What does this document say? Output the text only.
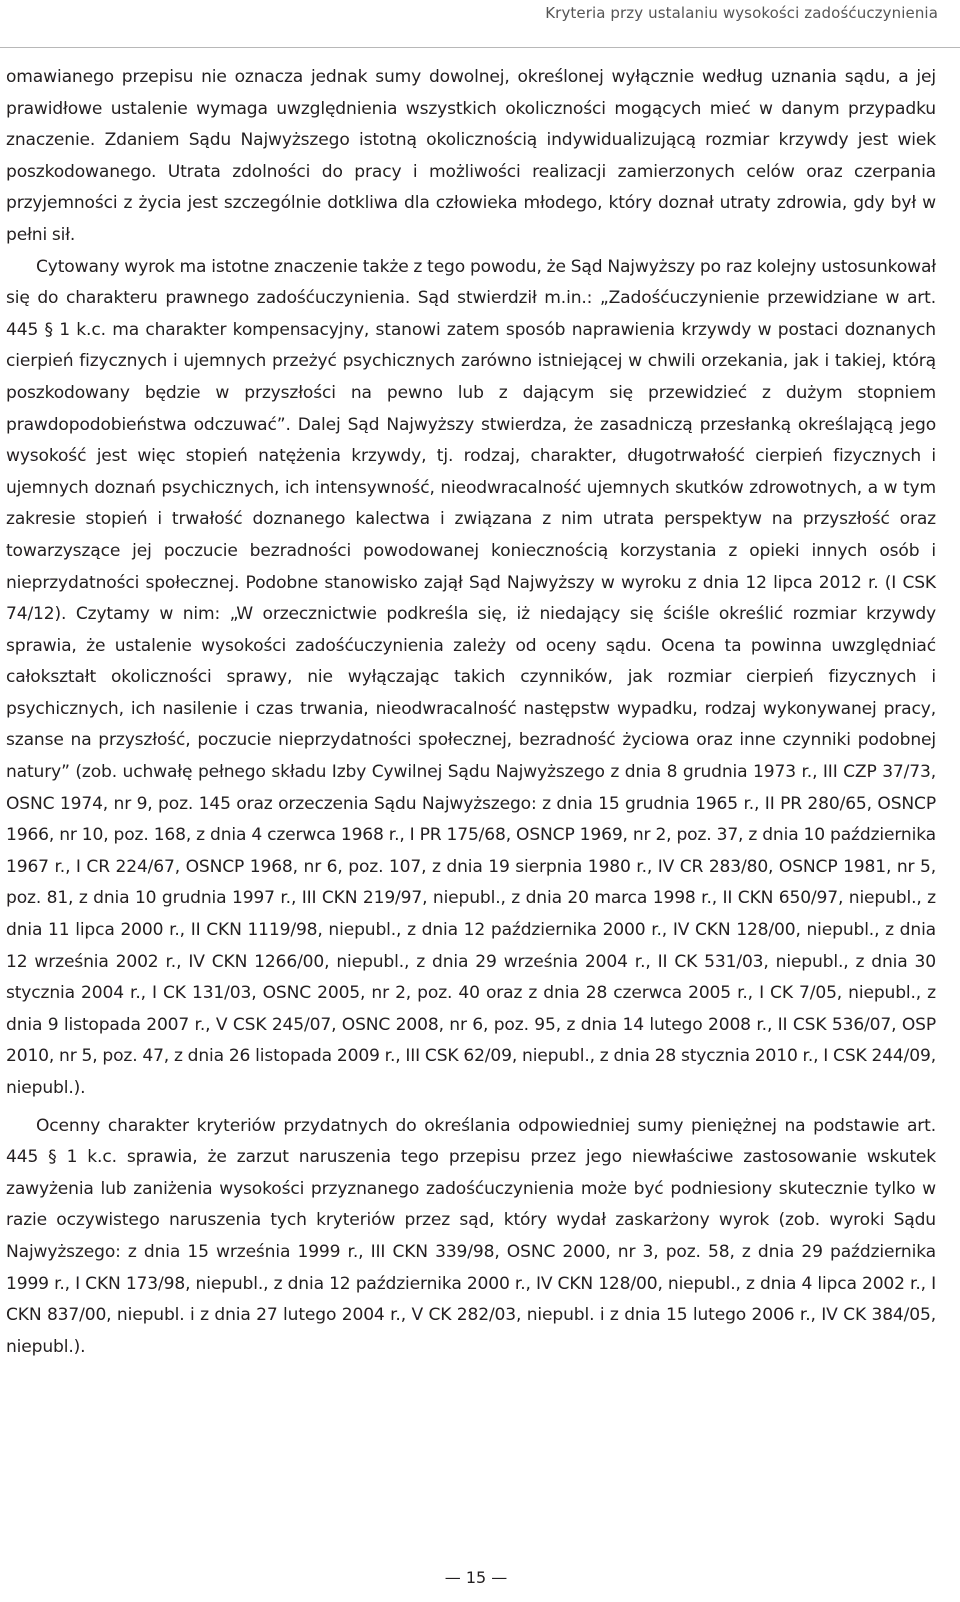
Kryteria przy ustalaniu wysokości zadośćuczynienia

omawianego przepisu nie oznacza jednak sumy dowolnej, określonej wyłącznie według uznania sądu, a jej prawidłowe ustalenie wymaga uwzględnienia wszystkich okoliczności mogących mieć w danym przypadku znaczenie. Zdaniem Sądu Najwyższego istotną okolicznością indywidualizującą rozmiar krzywdy jest wiek poszkodowanego. Utrata zdolności do pracy i możliwości realizacji zamierzonych celów oraz czerpania przyjemności z życia jest szczególnie dotkliwa dla człowieka młodego, który doznał utraty zdrowia, gdy był w pełni sił.

Cytowany wyrok ma istotne znaczenie także z tego powodu, że Sąd Najwyższy po raz kolejny ustosunkował się do charakteru prawnego zadośćuczynienia. Sąd stwierdził m.in.: „Zadośćuczynienie przewidziane w art. 445 § 1 k.c. ma charakter kompensacyjny, stanowi zatem sposób naprawienia krzywdy w postaci doznanych cierpień fizycznych i ujemnych przeżyć psychicznych zarówno istniejącej w chwili orzekania, jak i takiej, którą poszkodowany będzie w przyszłości na pewno lub z dającym się przewidzieć z dużym stopniem prawdopodobieństwa odczuwać”. Dalej Sąd Najwyższy stwierdza, że zasadniczą przesłanką określającą jego wysokość jest więc stopień natężenia krzywdy, tj. rodzaj, charakter, długotrwałość cierpień fizycznych i ujemnych doznań psychicznych, ich intensywność, nieodwracalność ujemnych skutków zdrowotnych, a w tym zakresie stopień i trwałość doznanego kalectwa i związana z nim utrata perspektyw na przyszłość oraz towarzyszące jej poczucie bezradności powodowanej koniecznością korzystania z opieki innych osób i nieprzydatności społecznej. Podobne stanowisko zajął Sąd Najwyższy w wyroku z dnia 12 lipca 2012 r. (I CSK 74/12). Czytamy w nim: „W orzecznictwie podkreśla się, iż niedający się ściśle określić rozmiar krzywdy sprawia, że ustalenie wysokości zadośćuczynienia zależy od oceny sądu. Ocena ta powinna uwzględniać całokształt okoliczności sprawy, nie wyłączając takich czynników, jak rozmiar cierpień fizycznych i psychicznych, ich nasilenie i czas trwania, nieodwracalność następstw wypadku, rodzaj wykonywanej pracy, szanse na przyszłość, poczucie nieprzydatności społecznej, bezradność życiowa oraz inne czynniki podobnej natury” (zob. uchwałę pełnego składu Izby Cywilnej Sądu Najwyższego z dnia 8 grudnia 1973 r., III CZP 37/73, OSNC 1974, nr 9, poz. 145 oraz orzeczenia Sądu Najwyższego: z dnia 15 grudnia 1965 r., II PR 280/65, OSNCP 1966, nr 10, poz. 168, z dnia 4 czerwca 1968 r., I PR 175/68, OSNCP 1969, nr 2, poz. 37, z dnia 10 października 1967 r., I CR 224/67, OSNCP 1968, nr 6, poz. 107, z dnia 19 sierpnia 1980 r., IV CR 283/80, OSNCP 1981, nr 5, poz. 81, z dnia 10 grudnia 1997 r., III CKN 219/97, niepubl., z dnia 20 marca 1998 r., II CKN 650/97, niepubl., z dnia 11 lipca 2000 r., II CKN 1119/98, niepubl., z dnia 12 października 2000 r., IV CKN 128/00, niepubl., z dnia 12 września 2002 r., IV CKN 1266/00, niepubl., z dnia 29 września 2004 r., II CK 531/03, niepubl., z dnia 30 stycznia 2004 r., I CK 131/03, OSNC 2005, nr 2, poz. 40 oraz z dnia 28 czerwca 2005 r., I CK 7/05, niepubl., z dnia 9 listopada 2007 r., V CSK 245/07, OSNC 2008, nr 6, poz. 95, z dnia 14 lutego 2008 r., II CSK 536/07, OSP 2010, nr 5, poz. 47, z dnia 26 listopada 2009 r., III CSK 62/09, niepubl., z dnia 28 stycznia 2010 r., I CSK 244/09, niepubl.).

Ocenny charakter kryteriów przydatnych do określania odpowiedniej sumy pieniężnej na podstawie art. 445 § 1 k.c. sprawia, że zarzut naruszenia tego przepisu przez jego niewłaściwe zastosowanie wskutek zawyżenia lub zaniżenia wysokości przyznanego zadośćuczynienia może być podniesiony skutecznie tylko w razie oczywistego naruszenia tych kryteriów przez sąd, który wydał zaskarżony wyrok (zob. wyroki Sądu Najwyższego: z dnia 15 września 1999 r., III CKN 339/98, OSNC 2000, nr 3, poz. 58, z dnia 29 października 1999 r., I CKN 173/98, niepubl., z dnia 12 października 2000 r., IV CKN 128/00, niepubl., z dnia 4 lipca 2002 r., I CKN 837/00, niepubl. i z dnia 27 lutego 2004 r., V CK 282/03, niepubl. i z dnia 15 lutego 2006 r., IV CK 384/05, niepubl.).

— 15 —
